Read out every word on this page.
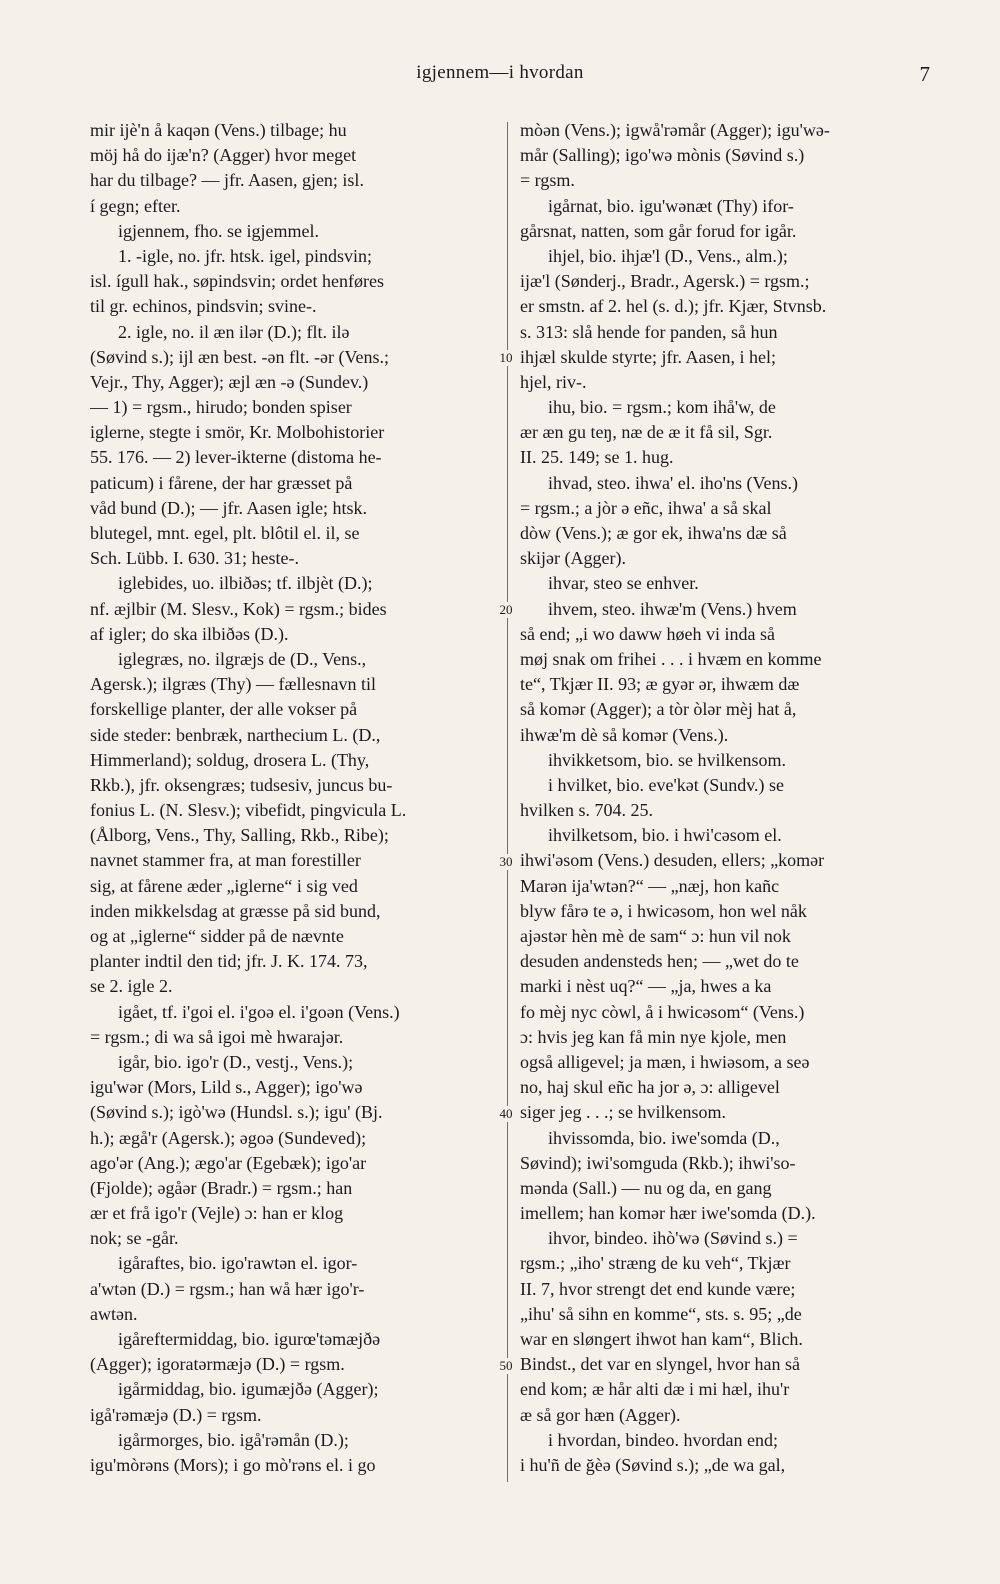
igjennem—i hvordan	7
mir ijè'n å kaqən (Vens.) tilbage; hu
möj hå do ijæ'n? (Agger) hvor meget
har du tilbage? — jfr. Aasen, gjen; isl.
í gegn; efter.
igjennem, fho. se igjemmel.
1. -igle, no. jfr. htsk. igel, pindsvin;
isl. ígull hak., søpindsvin; ordet henføres
til gr. echinos, pindsvin; svine-.
2. igle, no. il æn ilər (D.); flt. ilə
(Søvind s.); ijl æn best. -ən flt. -ər (Vens.;
Vejr., Thy, Agger); æjl æn -ə (Sundev.)
— 1) = rgsm., hirudo; bonden spiser
iglerne, stegte i smör, Kr. Molbohistorier
55. 176. — 2) lever-ikterne (distoma he-
paticum) i fårene, der har græsset på
våd bund (D.); — jfr. Aasen igle; htsk.
blutegel, mnt. egel, plt. blôtil el. il, se
Sch. Lübb. I. 630. 31; heste-.
iglebides, uo. ilbiðəs; tf. ilbjèt (D.);
nf. æjlbir (M. Slesv., Kok) = rgsm.; bides
af igler; do ska ilbiðəs (D.).
iglegræs, no. ilgræjs de (D., Vens.,
Agersk.); ilgræs (Thy) — fællesnavn til
forskellige planter, der alle vokser på
side steder: benbræk, narthecium L. (D.,
Himmerland); soldug, drosera L. (Thy,
Rkb.), jfr. oksengræs; tudsesiv, juncus bu-
fonius L. (N. Slesv.); vibefidt, pingvicula L.
(Ålborg, Vens., Thy, Salling, Rkb., Ribe);
navnet stammer fra, at man forestiller
sig, at fårene æder „iglerne“ i sig ved
inden mikkelsdag at græsse på sid bund,
og at „iglerne“ sidder på de nævnte
planter indtil den tid; jfr. J. K. 174. 73,
se 2. igle 2.
igået, tf. i'goi el. i'goə el. i'goən (Vens.)
= rgsm.; di wa så igoi mè hwarajər.
igår, bio. igo'r (D., vestj., Vens.);
igu'wər (Mors, Lild s., Agger); igo'wə
(Søvind s.); igò'wə (Hundsl. s.); igu' (Bj.
h.); ægå'r (Agersk.); əgoə (Sundeved);
ago'ər (Ang.); ægo'ar (Egebæk); igo'ar
(Fjolde); əgåər (Bradr.) = rgsm.; han
ær et frå igo'r (Vejle) ɔ: han er klog
nok; se -går.
igåraftes, bio. igo'rawtən el. igor-
a'wtən (D.) = rgsm.; han wå hær igo'r-
awtən.
igåreftermiddag, bio. igurœ'təmæjðə
(Agger); igoratərmæjə (D.) = rgsm.
igårmiddag, bio. igumæjðə (Agger);
igå'rəmæjə (D.) = rgsm.
igårmorges, bio. igå'rəmån (D.);
igu'mòrəns (Mors); i go mò'rəns el. i go
mòən (Vens.); igwå'rəmår (Agger); igu'wə-
mår (Salling); igo'wə mònis (Søvind s.)
= rgsm.
igårnat, bio. igu'wənæt (Thy) ifor-
gårsnat, natten, som går forud for igår.
ihjel, bio. ihjæ'l (D., Vens., alm.);
ijæ'l (Sønderj., Bradr., Agersk.) = rgsm.;
er smstn. af 2. hel (s. d.); jfr. Kjær, Stvnsb.
s. 313: slå hende for panden, så hun
ihjæl skulde styrte; jfr. Aasen, i hel;
hjel, riv-.
ihu, bio. = rgsm.; kom ihå'w, de
ær æn gu teŋ, næ de æ it få sil, Sgr.
II. 25. 149; se 1. hug.
ihvad, steo. ihwa' el. iho'ns (Vens.)
= rgsm.; a jòr ə eñc, ihwa' a så skal
dòw (Vens.); æ gor ek, ihwa'ns dæ så
skijər (Agger).
ihvar, steo se enhver.
ihvem, steo. ihwæ'm (Vens.) hvem
så end; „i wo daww høeh vi inda så
møj snak om frihei . . . i hvæm en komme
te“, Tkjær II. 93; æ gyər ər, ihwæm dæ
så komər (Agger); a tòr òlər mèj hat å,
ihwæ'm dè så komər (Vens.).
ihvikketsom, bio. se hvilkensom.
i hvilket, bio. eve'kət (Sundv.) se
hvilken s. 704. 25.
ihvilketsom, bio. i hwi'cəsom el.
ihwi'əsom (Vens.) desuden, ellers; „komər
Marən ija'wtən?“ — „næj, hon kañc
blyw fårə te ə, i hwicəsom, hon wel nåk
ajəstər hèn mè de sam“ ɔ: hun vil nok
desuden andensteds hen; — „wet do te
marki i nèst uq?“ — „ja, hwes a ka
fo mèj nyc còwl, å i hwicəsom“ (Vens.)
ɔ: hvis jeg kan få min nye kjole, men
også alligevel; ja mæn, i hwiəsom, a seə
no, haj skul eñc ha jor ə, ɔ: alligevel
siger jeg . . .; se hvilkensom.
ihvissomda, bio. iwe'somda (D.,
Søvind); iwi'somguda (Rkb.); ihwi'so-
mənda (Sall.) — nu og da, en gang
imellem; han komər hær iwe'somda (D.).
ihvor, bindeo. ihò'wə (Søvind s.) =
rgsm.; „iho' stræng de ku veh“, Tkjær
II. 7, hvor strengt det end kunde være;
„ihu' så sihn en komme“, sts. s. 95; „de
war en sløngert ihwot han kam“, Blich.
Bindst., det var en slyngel, hvor han så
end kom; æ hår alti dæ i mi hæl, ihu'r
æ så gor hæn (Agger).
i hvordan, bindeo. hvordan end;
i hu'ñ de ğèə (Søvind s.); „de wa gal,
10
20
30
40
50
